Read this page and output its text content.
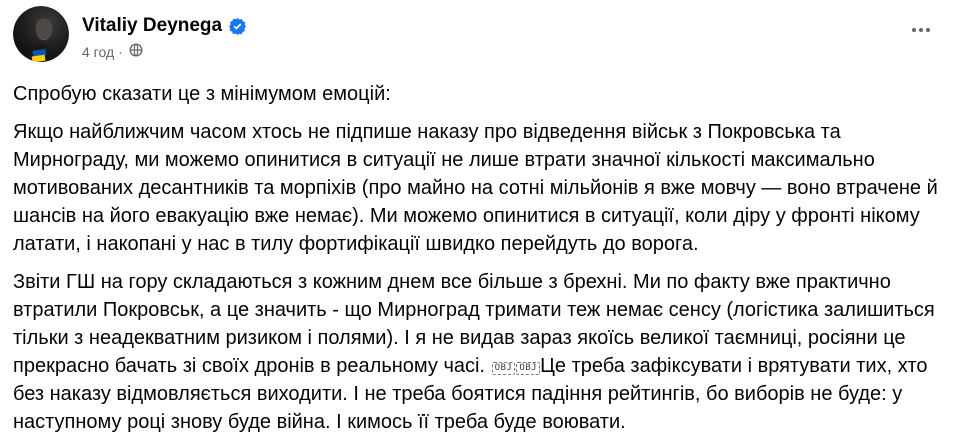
Vitaliy Deynega
4 год ·

Спробую сказати це з мінімумом емоцій:

Якщо найближчим часом хтось не підпише наказу про відведення військ з Покровська та Мирнограду, ми можемо опинитися в ситуації не лише втрати значної кількості максимально мотивованих десантників та морпіхів (про майно на сотні мільйонів я вже мовчу — воно втрачене й шансів на його евакуацію вже немає). Ми можемо опинитися в ситуації, коли діру у фронті нікому латати, і накопані у нас в тилу фортифікації швидко перейдуть до ворога.

Звіти ГШ на гору складаються з кожним днем все більше з брехні. Ми по факту вже практично втратили Покровськ, а це значить - що Мирноград тримати теж немає сенсу (логістика залишиться тільки з неадекватним ризиком і полями). І я не видав зараз якоїсь великої таємниці, росіяни це прекрасно бачать зі своїх дронів в реальному часі. OBJ OBJ Це треба зафіксувати і врятувати тих, хто без наказу відмовляється виходити. І не треба боятися падіння рейтингів, бо виборів не буде: у наступному році знову буде війна. І кимось її треба буде воювати.
